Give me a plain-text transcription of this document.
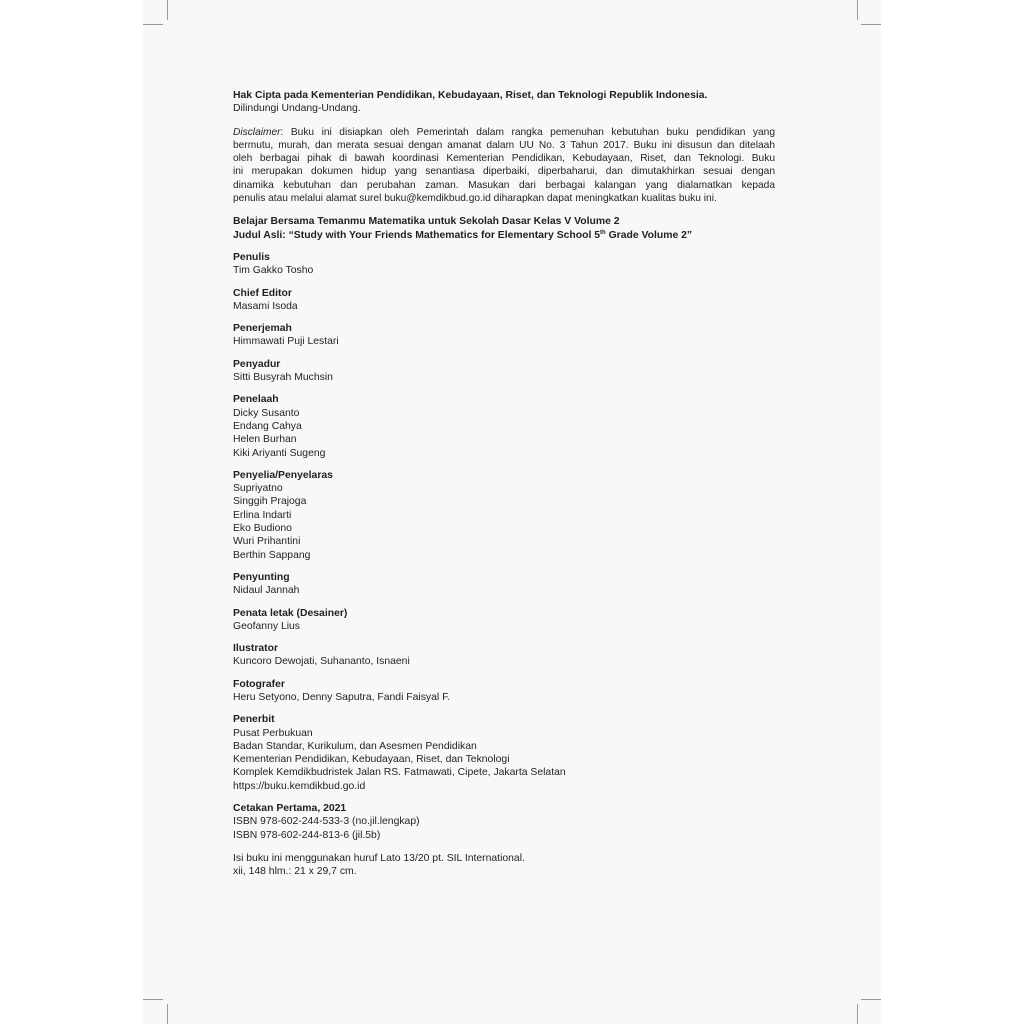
Hak Cipta pada Kementerian Pendidikan, Kebudayaan, Riset, dan Teknologi Republik Indonesia.

Dilindungi Undang-Undang.

Disclaimer: Buku ini disiapkan oleh Pemerintah dalam rangka pemenuhan kebutuhan buku pendidikan yang
bermutu, murah, dan merata sesuai dengan amanat dalam UU No. 3 Tahun 2017. Buku ini disusun dan ditelaah
oleh berbagai pihak di bawah koordinasi Kementerian Pendidikan, Kebudayaan, Riset, dan Teknologi. Buku
ini merupakan dokumen hidup yang senantiasa diperbaiki, diperbaharui, dan dimutakhirkan sesuai dengan
dinamika kebutuhan dan perubahan zaman. Masukan dari berbagai kalangan yang dialamatkan kepada
penulis atau melalui alamat surel buku@kemdikbud.go.id diharapkan dapat meningkatkan kualitas buku ini.

Belajar Bersama Temanmu Matematika untuk Sekolah Dasar Kelas V Volume 2

Judul Asli: “Study with Your Friends Mathematics for Elementary School 5th Grade Volume 2”

Penulis

Tim Gakko Tosho

Chief Editor

Masami Isoda

Penerjemah

Himmawati Puji Lestari

Penyadur

Sitti Busyrah Muchsin

Penelaah

Dicky Susanto

Endang Cahya

Helen Burhan

Kiki Ariyanti Sugeng

Penyelia/Penyelaras

Supriyatno

Singgih Prajoga

Erlina Indarti

Eko Budiono

Wuri Prihantini

Berthin Sappang

Penyunting

Nidaul Jannah

Penata letak (Desainer)

Geofanny Lius

Ilustrator

Kuncoro Dewojati, Suhananto, Isnaeni

Fotografer

Heru Setyono, Denny Saputra, Fandi Faisyal F.

Penerbit

Pusat Perbukuan

Badan Standar, Kurikulum, dan Asesmen Pendidikan

Kementerian Pendidikan, Kebudayaan, Riset, dan Teknologi

Komplek Kemdikbudristek Jalan RS. Fatmawati, Cipete, Jakarta Selatan

https://buku.kemdikbud.go.id

Cetakan Pertama, 2021

ISBN 978-602-244-533-3 (no.jil.lengkap)

ISBN 978-602-244-813-6 (jil.5b)

Isi buku ini menggunakan huruf Lato 13/20 pt. SIL International.

xii, 148 hlm.: 21 x 29,7 cm.
